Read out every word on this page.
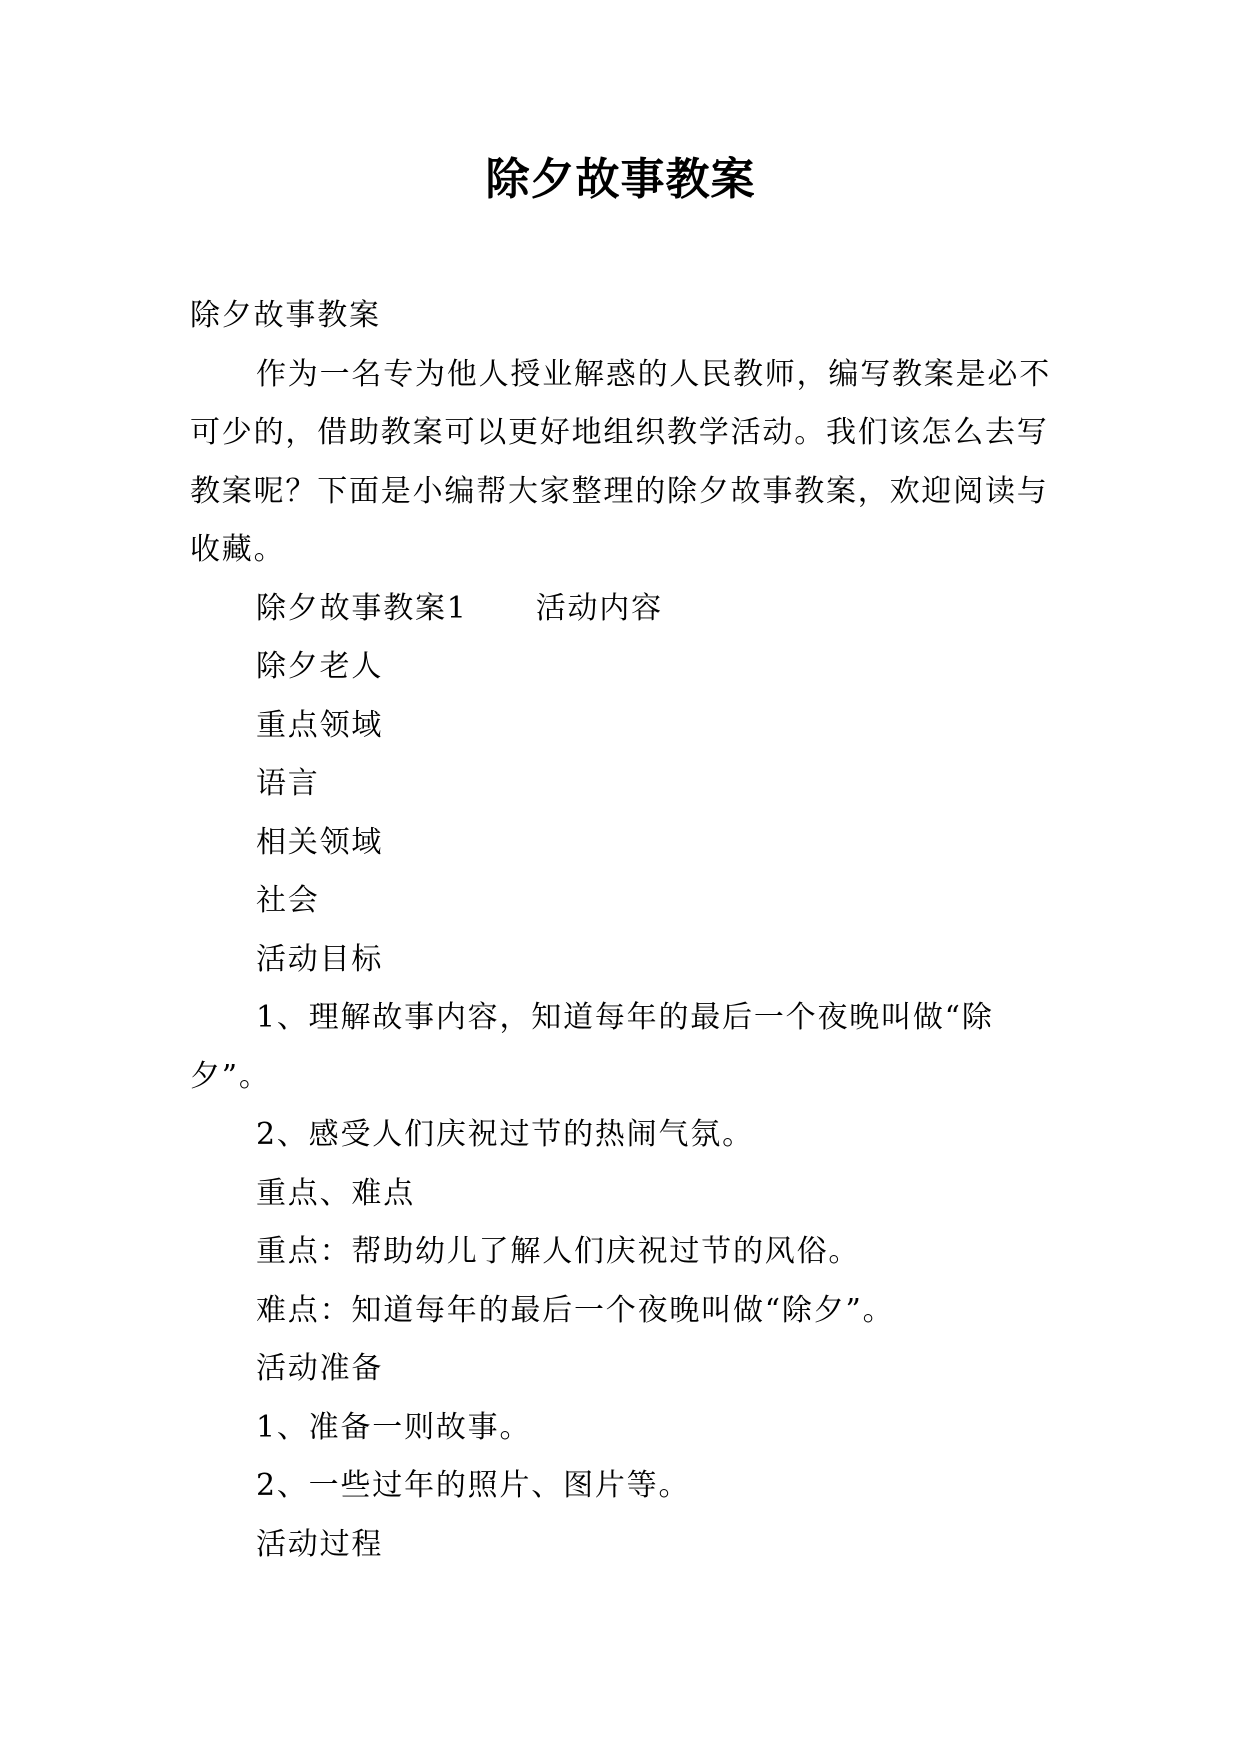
除夕故事教案

除夕故事教案

作为一名专为他人授业解惑的人民教师，编写教案是必不可少的，借助教案可以更好地组织教学活动。我们该怎么去写教案呢？下面是小编帮大家整理的除夕故事教案，欢迎阅读与收藏。

除夕故事教案1 活动内容

除夕老人

重点领域

语言

相关领域

社会

活动目标

1、理解故事内容，知道每年的最后一个夜晚叫做“除夕”。

2、感受人们庆祝过节的热闹气氛。

重点、难点

重点：帮助幼儿了解人们庆祝过节的风俗。

难点：知道每年的最后一个夜晚叫做“除夕”。

活动准备

1、准备一则故事。

2、一些过年的照片、图片等。

活动过程
